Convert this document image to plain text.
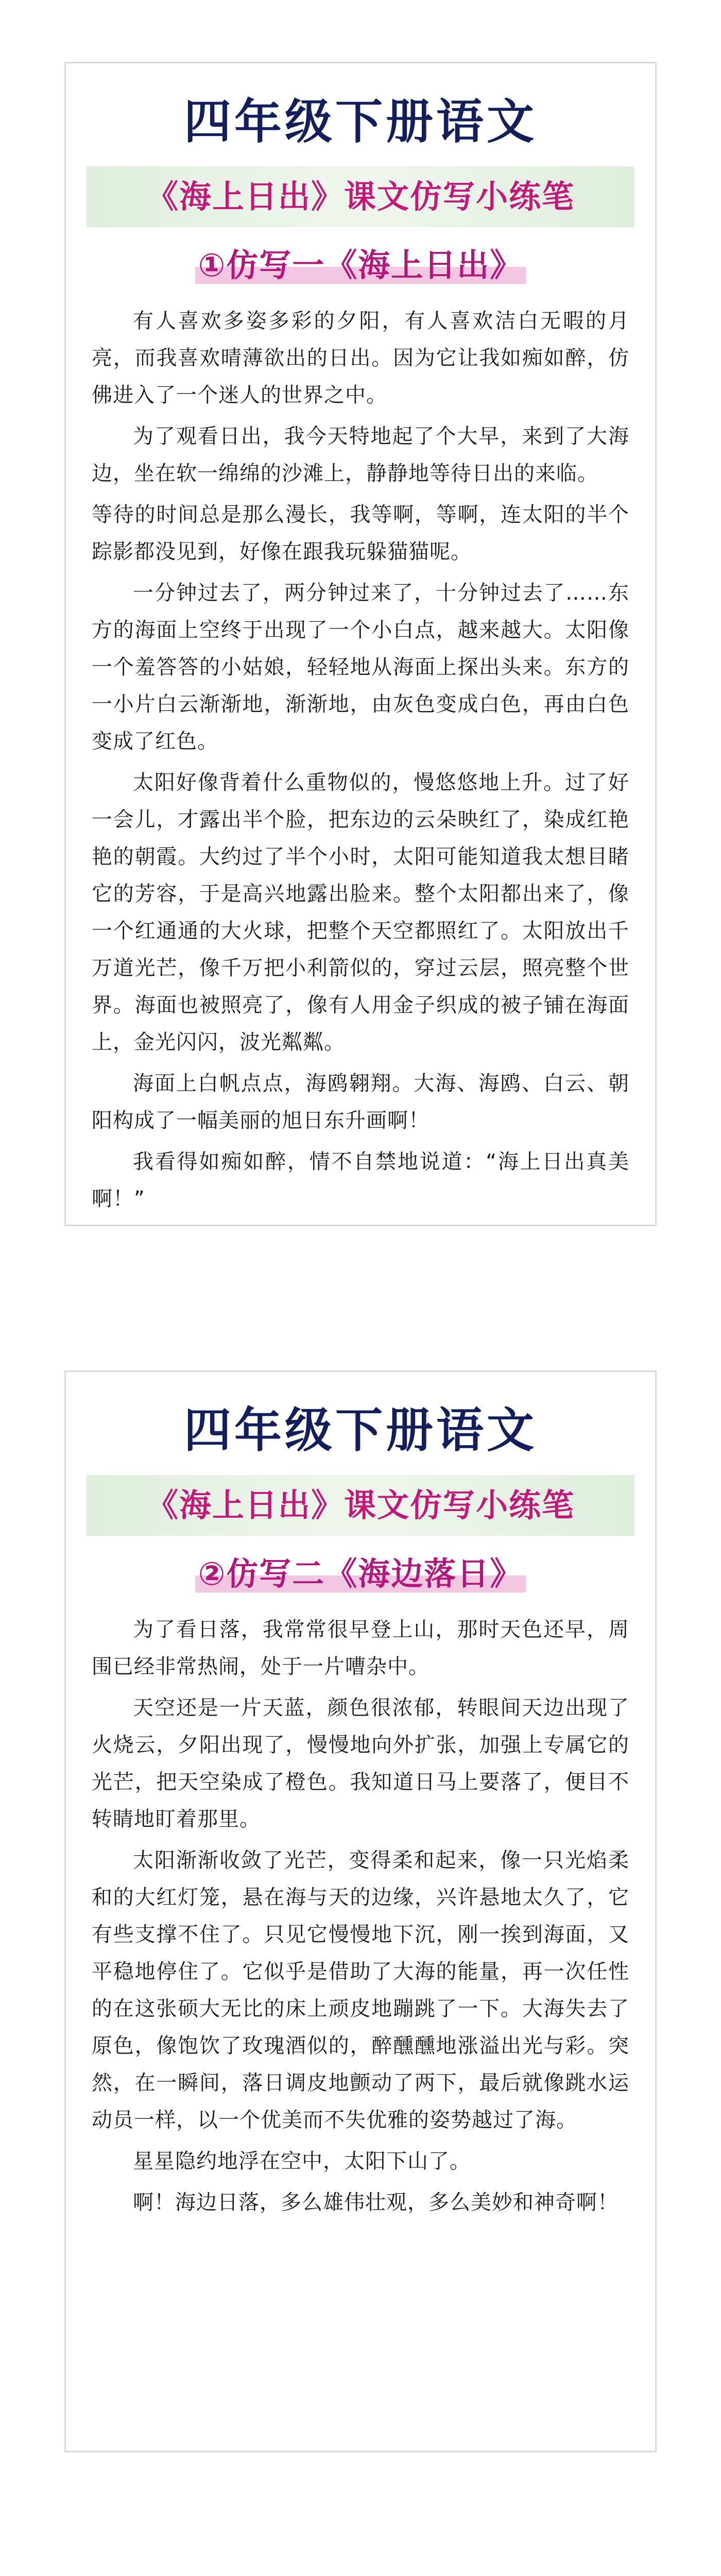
四年级下册语文
《海上日出》课文仿写小练笔
①仿写一《海上日出》

有人喜欢多姿多彩的夕阳，有人喜欢洁白无暇的月亮，而我喜欢晴薄欲出的日出。因为它让我如痴如醉，仿佛进入了一个迷人的世界之中。

为了观看日出，我今天特地起了个大早，来到了大海边，坐在软一绵绵的沙滩上，静静地等待日出的来临。

等待的时间总是那么漫长，我等啊，等啊，连太阳的半个踪影都没见到，好像在跟我玩躲猫猫呢。

一分钟过去了，两分钟过来了，十分钟过去了……东方的海面上空终于出现了一个小白点，越来越大。太阳像一个羞答答的小姑娘，轻轻地从海面上探出头来。东方的一小片白云渐渐地，渐渐地，由灰色变成白色，再由白色变成了红色。

太阳好像背着什么重物似的，慢悠悠地上升。过了好一会儿，才露出半个脸，把东边的云朵映红了，染成红艳艳的朝霞。大约过了半个小时，太阳可能知道我太想目睹它的芳容，于是高兴地露出脸来。整个太阳都出来了，像一个红通通的大火球，把整个天空都照红了。太阳放出千万道光芒，像千万把小利箭似的，穿过云层，照亮整个世界。海面也被照亮了，像有人用金子织成的被子铺在海面上，金光闪闪，波光粼粼。

海面上白帆点点，海鸥翱翔。大海、海鸥、白云、朝阳构成了一幅美丽的旭日东升画啊！

我看得如痴如醉，情不自禁地说道：“海上日出真美啊！”

四年级下册语文
《海上日出》课文仿写小练笔
②仿写二《海边落日》

为了看日落，我常常很早登上山，那时天色还早，周围已经非常热闹，处于一片嘈杂中。

天空还是一片天蓝，颜色很浓郁，转眼间天边出现了火烧云，夕阳出现了，慢慢地向外扩张，加强上专属它的光芒，把天空染成了橙色。我知道日马上要落了，便目不转睛地盯着那里。

太阳渐渐收敛了光芒，变得柔和起来，像一只光焰柔和的大红灯笼，悬在海与天的边缘，兴许悬地太久了，它有些支撑不住了。只见它慢慢地下沉，刚一挨到海面，又平稳地停住了。它似乎是借助了大海的能量，再一次任性的在这张硕大无比的床上顽皮地蹦跳了一下。大海失去了原色，像饱饮了玫瑰酒似的，醉醺醺地涨溢出光与彩。突然，在一瞬间，落日调皮地颤动了两下，最后就像跳水运动员一样，以一个优美而不失优雅的姿势越过了海。

星星隐约地浮在空中，太阳下山了。

啊！海边日落，多么雄伟壮观，多么美妙和神奇啊！
